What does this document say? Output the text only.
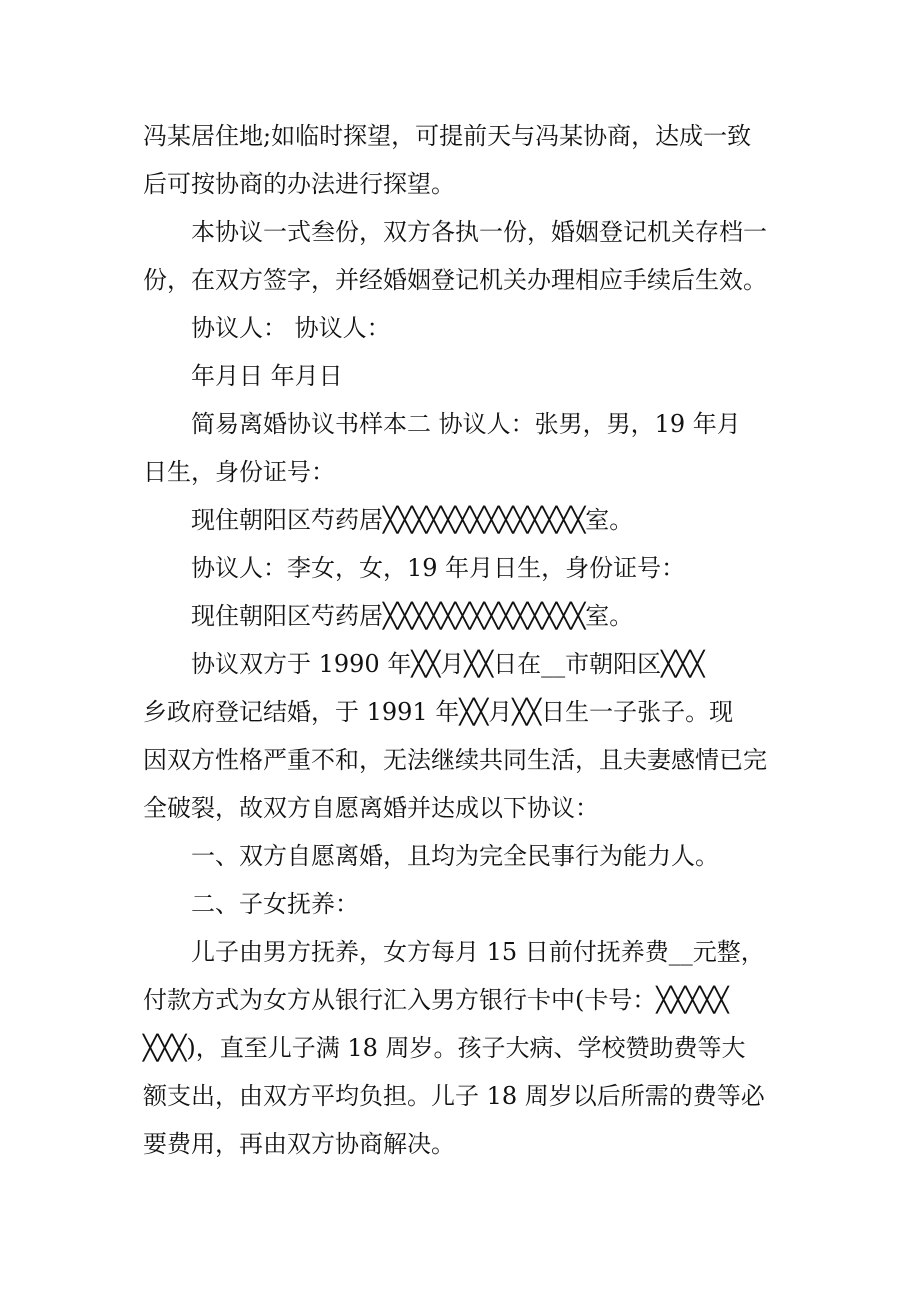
冯某居住地;如临时探望，可提前天与冯某协商，达成一致

后可按协商的办法进行探望。

本协议一式叁份，双方各执一份，婚姻登记机关存档一

份，在双方签字，并经婚姻登记机关办理相应手续后生效。

协议人： 协议人：

年月日 年月日

简易离婚协议书样本二 协议人：张男，男，19 年月

日生，身份证号：

现住朝阳区芍药居╳╳╳╳╳╳╳╳╳╳╳╳╳╳室。

协议人：李女，女，19 年月日生，身份证号：

现住朝阳区芍药居╳╳╳╳╳╳╳╳╳╳╳╳╳╳室。

协议双方于 1990 年╳╳月╳╳日在__市朝阳区╳╳╳

乡政府登记结婚，于 1991 年╳╳月╳╳日生一子张子。现

因双方性格严重不和，无法继续共同生活，且夫妻感情已完

全破裂，故双方自愿离婚并达成以下协议：

一、双方自愿离婚，且均为完全民事行为能力人。

二、子女抚养：

儿子由男方抚养，女方每月 15 日前付抚养费__元整，

付款方式为女方从银行汇入男方银行卡中(卡号：╳╳╳╳╳

╳╳╳)，直至儿子满 18 周岁。孩子大病、学校赞助费等大

额支出，由双方平均负担。儿子 18 周岁以后所需的费等必

要费用，再由双方协商解决。
